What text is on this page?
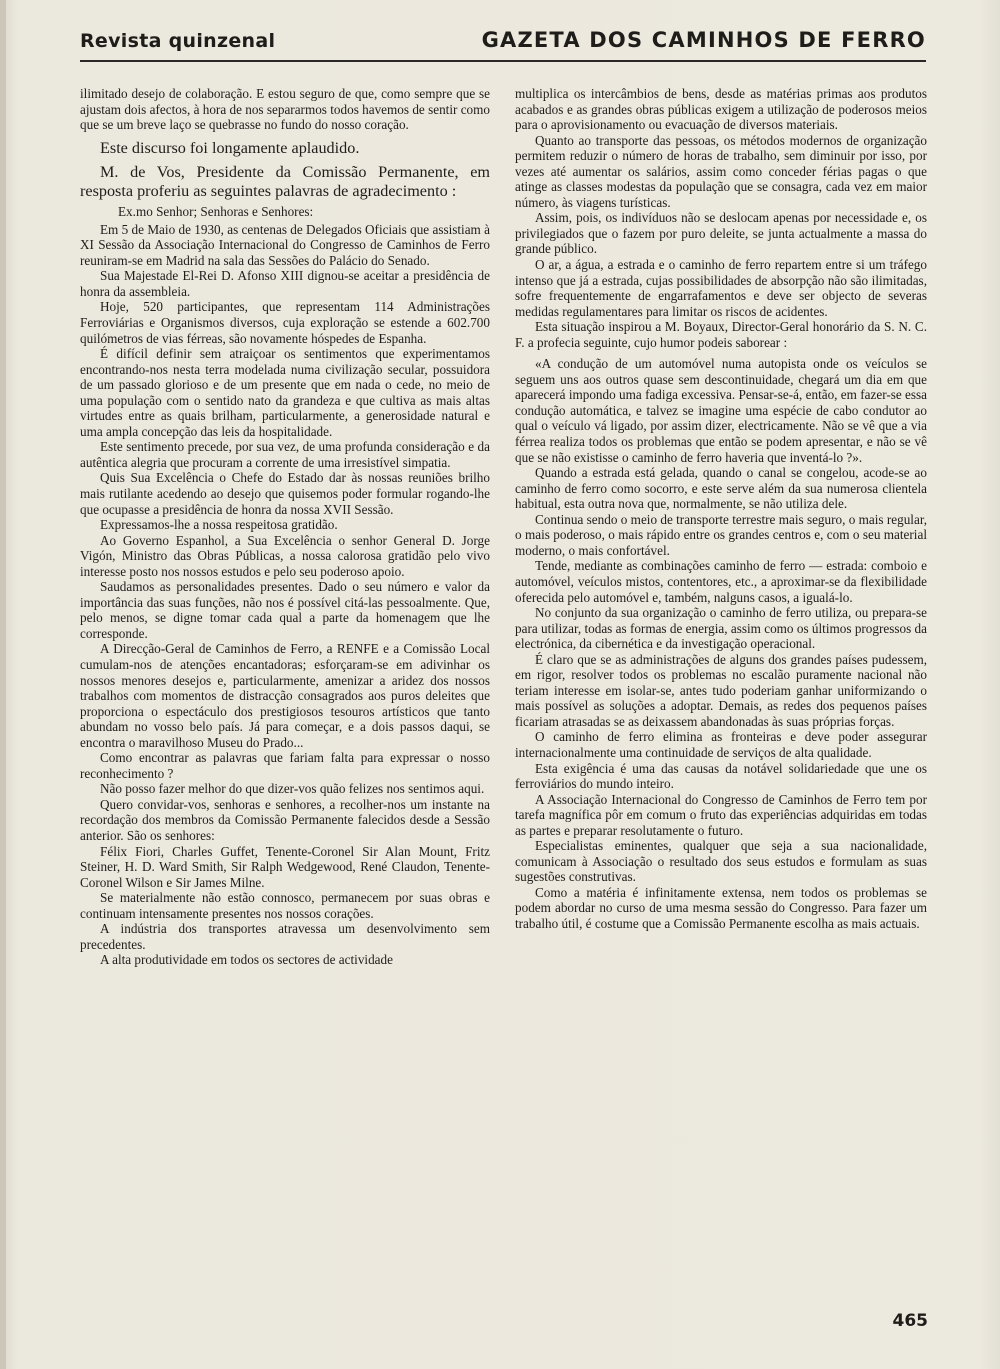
Revista quinzenal	GAZETA DOS CAMINHOS DE FERRO

ilimitado desejo de colaboração. E estou seguro de que, como sempre que se ajustam dois afectos, à hora de nos separarmos todos havemos de sentir como que se um breve laço se quebrasse no fundo do nosso coração.

Este discurso foi longamente aplaudido.

M. de Vos, Presidente da Comissão Permanente, em resposta proferiu as seguintes palavras de agradecimento :

Ex.mo Senhor; Senhoras e Senhores:

Em 5 de Maio de 1930, as centenas de Delegados Oficiais que assistiam à XI Sessão da Associação Internacional do Congresso de Caminhos de Ferro reuniram-se em Madrid na sala das Sessões do Palácio do Senado.

Sua Majestade El-Rei D. Afonso XIII dignou-se aceitar a presidência de honra da assembleia.

Hoje, 520 participantes, que representam 114 Administrações Ferroviárias e Organismos diversos, cuja exploração se estende a 602.700 quilómetros de vias férreas, são novamente hóspedes de Espanha.

É difícil definir sem atraiçoar os sentimentos que experimentamos encontrando-nos nesta terra modelada numa civilização secular, possuidora de um passado glorioso e de um presente que em nada o cede, no meio de uma população com o sentido nato da grandeza e que cultiva as mais altas virtudes entre as quais brilham, particularmente, a generosidade natural e uma ampla concepção das leis da hospitalidade.

Este sentimento precede, por sua vez, de uma profunda consideração e da autêntica alegria que procuram a corrente de uma irresistível simpatia.

Quis Sua Excelência o Chefe do Estado dar às nossas reuniões brilho mais rutilante acedendo ao desejo que quisemos poder formular rogando-lhe que ocupasse a presidência de honra da nossa XVII Sessão.

Expressamos-lhe a nossa respeitosa gratidão.

Ao Governo Espanhol, a Sua Excelência o senhor General D. Jorge Vigón, Ministro das Obras Públicas, a nossa calorosa gratidão pelo vivo interesse posto nos nossos estudos e pelo seu poderoso apoio.

Saudamos as personalidades presentes. Dado o seu número e valor da importância das suas funções, não nos é possível citá-las pessoalmente. Que, pelo menos, se digne tomar cada qual a parte da homenagem que lhe corresponde.

A Direcção-Geral de Caminhos de Ferro, a RENFE e a Comissão Local cumulam-nos de atenções encantadoras; esforçaram-se em adivinhar os nossos menores desejos e, particularmente, amenizar a aridez dos nossos trabalhos com momentos de distracção consagrados aos puros deleites que proporciona o espectáculo dos prestigiosos tesouros artísticos que tanto abundam no vosso belo país. Já para começar, e a dois passos daqui, se encontra o maravilhoso Museu do Prado...

Como encontrar as palavras que fariam falta para expressar o nosso reconhecimento ?

Não posso fazer melhor do que dizer-vos quão felizes nos sentimos aqui.

Quero convidar-vos, senhoras e senhores, a recolher-nos um instante na recordação dos membros da Comissão Permanente falecidos desde a Sessão anterior. São os senhores:

Félix Fiori, Charles Guffet, Tenente-Coronel Sir Alan Mount, Fritz Steiner, H. D. Ward Smith, Sir Ralph Wedgewood, René Claudon, Tenente-Coronel Wilson e Sir James Milne.

Se materialmente não estão connosco, permanecem por suas obras e continuam intensamente presentes nos nossos corações.

A indústria dos transportes atravessa um desenvolvimento sem precedentes.

A alta produtividade em todos os sectores de actividade

multiplica os intercâmbios de bens, desde as matérias primas aos produtos acabados e as grandes obras públicas exigem a utilização de poderosos meios para o aprovisionamento ou evacuação de diversos materiais.

Quanto ao transporte das pessoas, os métodos modernos de organização permitem reduzir o número de horas de trabalho, sem diminuir por isso, por vezes até aumentar os salários, assim como conceder férias pagas o que atinge as classes modestas da população que se consagra, cada vez em maior número, às viagens turísticas.

Assim, pois, os indivíduos não se deslocam apenas por necessidade e, os privilegiados que o fazem por puro deleite, se junta actualmente a massa do grande público.

O ar, a água, a estrada e o caminho de ferro repartem entre si um tráfego intenso que já a estrada, cujas possibilidades de absorpção não são ilimitadas, sofre frequentemente de engarrafamentos e deve ser objecto de severas medidas regulamentares para limitar os riscos de acidentes.

Esta situação inspirou a M. Boyaux, Director-Geral honorário da S. N. C. F. a profecia seguinte, cujo humor podeis saborear :

«A condução de um automóvel numa autopista onde os veículos se seguem uns aos outros quase sem descontinuidade, chegará um dia em que aparecerá impondo uma fadiga excessiva. Pensar-se-á, então, em fazer-se essa condução automática, e talvez se imagine uma espécie de cabo condutor ao qual o veículo vá ligado, por assim dizer, electricamente. Não se vê que a via férrea realiza todos os problemas que então se podem apresentar, e não se vê que se não existisse o caminho de ferro haveria que inventá-lo ?».

Quando a estrada está gelada, quando o canal se congelou, acode-se ao caminho de ferro como socorro, e este serve além da sua numerosa clientela habitual, esta outra nova que, normalmente, se não utiliza dele.

Continua sendo o meio de transporte terrestre mais seguro, o mais regular, o mais poderoso, o mais rápido entre os grandes centros e, com o seu material moderno, o mais confortável.

Tende, mediante as combinações caminho de ferro — estrada: comboio e automóvel, veículos mistos, contentores, etc., a aproximar-se da flexibilidade oferecida pelo automóvel e, também, nalguns casos, a igualá-lo.

No conjunto da sua organização o caminho de ferro utiliza, ou prepara-se para utilizar, todas as formas de energia, assim como os últimos progressos da electrónica, da cibernética e da investigação operacional.

É claro que se as administrações de alguns dos grandes países pudessem, em rigor, resolver todos os problemas no escalão puramente nacional não teriam interesse em isolar-se, antes tudo poderiam ganhar uniformizando o mais possível as soluções a adoptar. Demais, as redes dos pequenos países ficariam atrasadas se as deixassem abandonadas às suas próprias forças.

O caminho de ferro elimina as fronteiras e deve poder assegurar internacionalmente uma continuidade de serviços de alta qualidade.

Esta exigência é uma das causas da notável solidariedade que une os ferroviários do mundo inteiro.

A Associação Internacional do Congresso de Caminhos de Ferro tem por tarefa magnífica pôr em comum o fruto das experiências adquiridas em todas as partes e preparar resolutamente o futuro.

Especialistas eminentes, qualquer que seja a sua nacionalidade, comunicam à Associação o resultado dos seus estudos e formulam as suas sugestões construtivas.

Como a matéria é infinitamente extensa, nem todos os problemas se podem abordar no curso de uma mesma sessão do Congresso. Para fazer um trabalho útil, é costume que a Comissão Permanente escolha as mais actuais.

465
